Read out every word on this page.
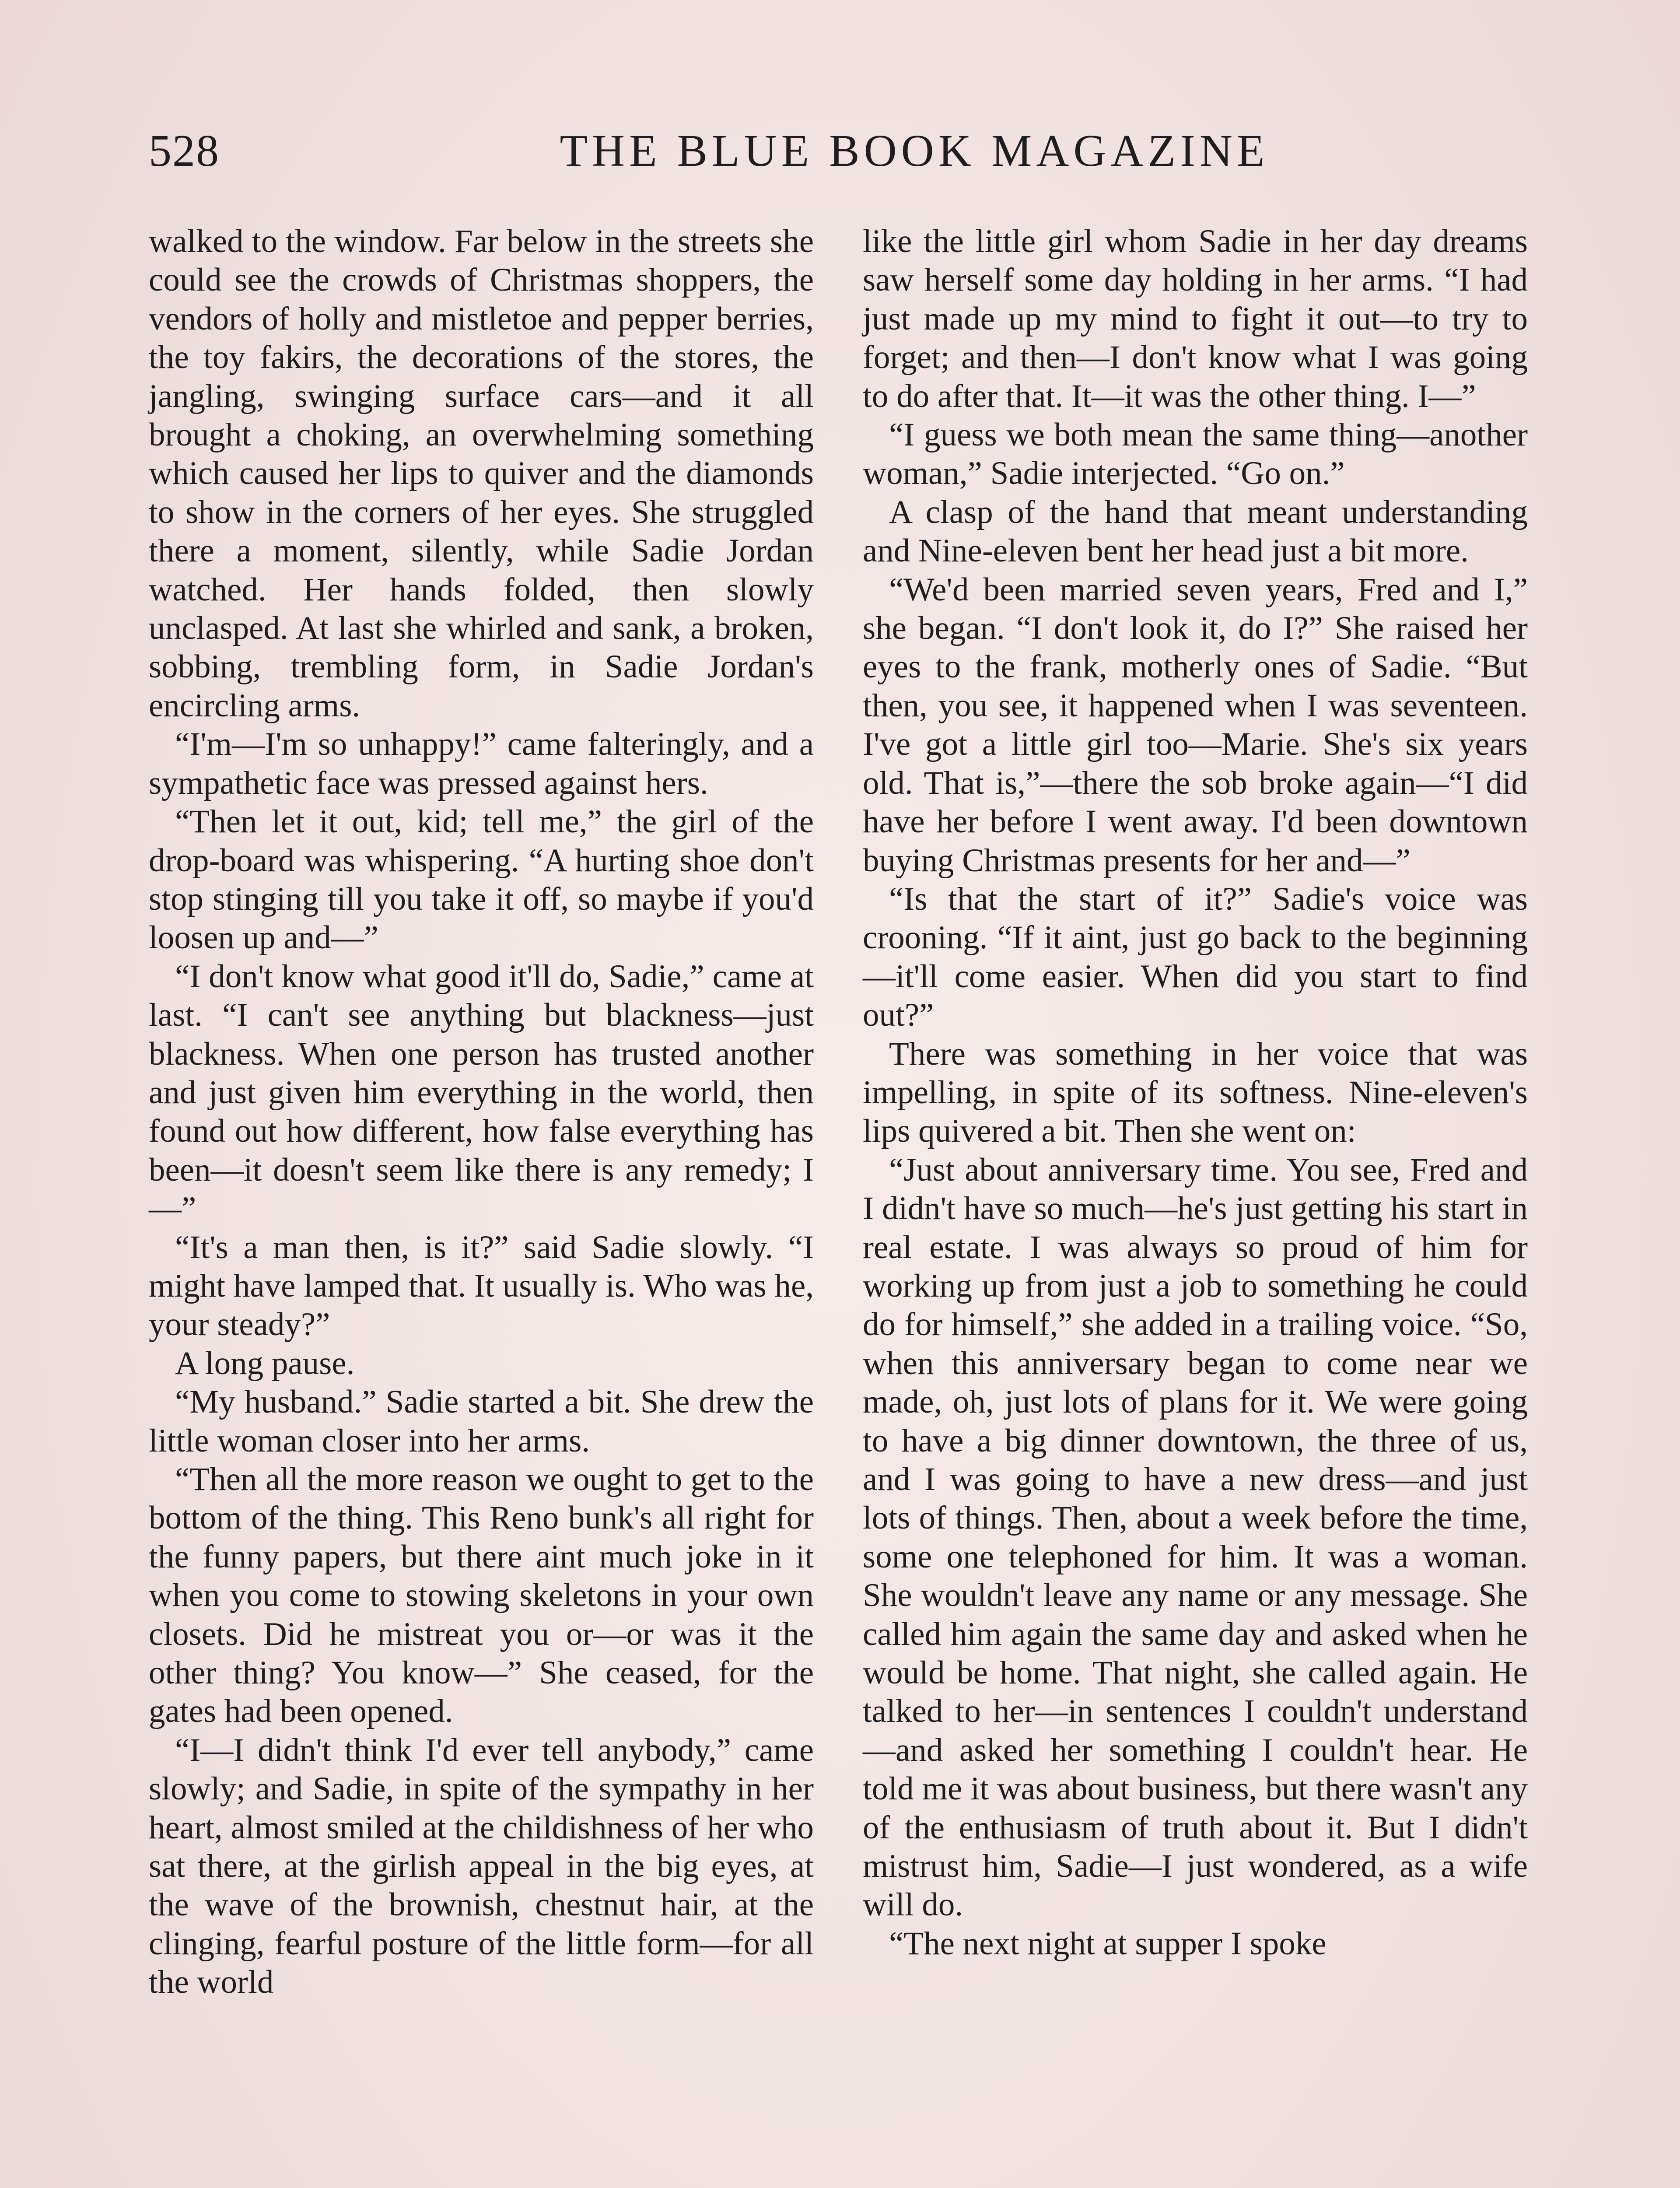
528	THE BLUE BOOK MAGAZINE

walked to the window. Far below in the streets she could see the crowds of Christmas shoppers, the vendors of holly and mistletoe and pepper berries, the toy fakirs, the decorations of the stores, the jangling, swinging surface cars—and it all brought a choking, an overwhelming something which caused her lips to quiver and the diamonds to show in the corners of her eyes. She struggled there a moment, silently, while Sadie Jordan watched. Her hands folded, then slowly unclasped. At last she whirled and sank, a broken, sobbing, trembling form, in Sadie Jordan's encircling arms.

“I'm—I'm so unhappy!” came falteringly, and a sympathetic face was pressed against hers.

“Then let it out, kid; tell me,” the girl of the drop-board was whispering. “A hurting shoe don't stop stinging till you take it off, so maybe if you'd loosen up and—”

“I don't know what good it'll do, Sadie,” came at last. “I can't see anything but blackness—just blackness. When one person has trusted another and just given him everything in the world, then found out how different, how false everything has been—it doesn't seem like there is any remedy; I—”

“It's a man then, is it?” said Sadie slowly. “I might have lamped that. It usually is. Who was he, your steady?”

A long pause.

“My husband.” Sadie started a bit. She drew the little woman closer into her arms.

“Then all the more reason we ought to get to the bottom of the thing. This Reno bunk's all right for the funny papers, but there aint much joke in it when you come to stowing skeletons in your own closets. Did he mistreat you or—or was it the other thing? You know—” She ceased, for the gates had been opened.

“I—I didn't think I'd ever tell anybody,” came slowly; and Sadie, in spite of the sympathy in her heart, almost smiled at the childishness of her who sat there, at the girlish appeal in the big eyes, at the wave of the brownish, chestnut hair, at the clinging, fearful posture of the little form—for all the world

like the little girl whom Sadie in her day dreams saw herself some day holding in her arms. “I had just made up my mind to fight it out—to try to forget; and then—I don't know what I was going to do after that. It—it was the other thing. I—”

“I guess we both mean the same thing—another woman,” Sadie interjected. “Go on.”

A clasp of the hand that meant understanding and Nine-eleven bent her head just a bit more.

“We'd been married seven years, Fred and I,” she began. “I don't look it, do I?” She raised her eyes to the frank, motherly ones of Sadie. “But then, you see, it happened when I was seventeen. I've got a little girl too—Marie. She's six years old. That is,”—there the sob broke again—“I did have her before I went away. I'd been downtown buying Christmas presents for her and—”

“Is that the start of it?” Sadie's voice was crooning. “If it aint, just go back to the beginning—it'll come easier. When did you start to find out?”

There was something in her voice that was impelling, in spite of its softness. Nine-eleven's lips quivered a bit. Then she went on:

“Just about anniversary time. You see, Fred and I didn't have so much—he's just getting his start in real estate. I was always so proud of him for working up from just a job to something he could do for himself,” she added in a trailing voice. “So, when this anniversary began to come near we made, oh, just lots of plans for it. We were going to have a big dinner downtown, the three of us, and I was going to have a new dress—and just lots of things. Then, about a week before the time, some one telephoned for him. It was a woman. She wouldn't leave any name or any message. She called him again the same day and asked when he would be home. That night, she called again. He talked to her—in sentences I couldn't understand—and asked her something I couldn't hear. He told me it was about business, but there wasn't any of the enthusiasm of truth about it. But I didn't mistrust him, Sadie—I just wondered, as a wife will do.

“The next night at supper I spoke
